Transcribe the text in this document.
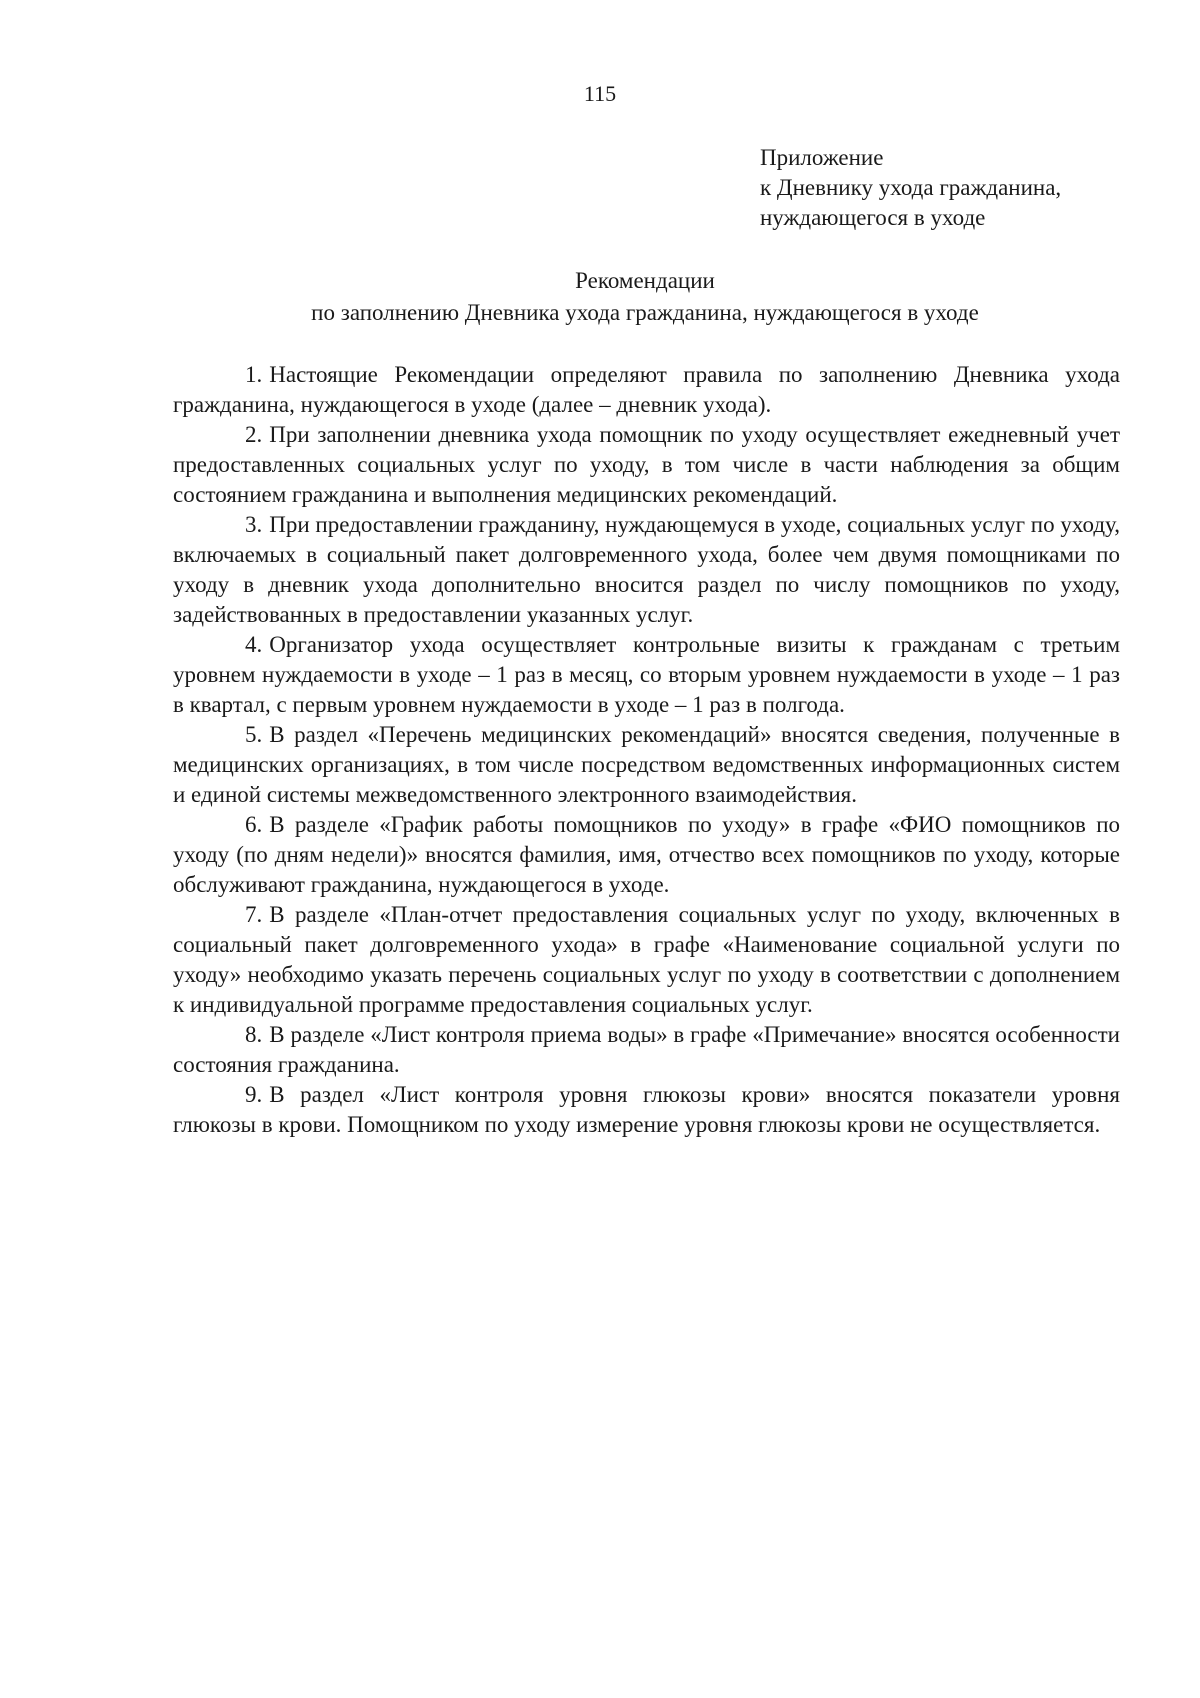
115
Приложение
к Дневнику ухода гражданина,
нуждающегося в уходе
Рекомендации
по заполнению Дневника ухода гражданина, нуждающегося в уходе

1. Настоящие Рекомендации определяют правила по заполнению Дневника ухода гражданина, нуждающегося в уходе (далее – дневник ухода).

2. При заполнении дневника ухода помощник по уходу осуществляет ежедневный учет предоставленных социальных услуг по уходу, в том числе в части наблюдения за общим состоянием гражданина и выполнения медицинских рекомендаций.

3. При предоставлении гражданину, нуждающемуся в уходе, социальных услуг по уходу, включаемых в социальный пакет долговременного ухода, более чем двумя помощниками по уходу в дневник ухода дополнительно вносится раздел по числу помощников по уходу, задействованных в предоставлении указанных услуг.

4. Организатор ухода осуществляет контрольные визиты к гражданам с третьим уровнем нуждаемости в уходе – 1 раз в месяц, со вторым уровнем нуждаемости в уходе – 1 раз в квартал, с первым уровнем нуждаемости в уходе – 1 раз в полгода.

5. В раздел «Перечень медицинских рекомендаций» вносятся сведения, полученные в медицинских организациях, в том числе посредством ведомственных информационных систем и единой системы межведомственного электронного взаимодействия.

6. В разделе «График работы помощников по уходу» в графе «ФИО помощников по уходу (по дням недели)» вносятся фамилия, имя, отчество всех помощников по уходу, которые обслуживают гражданина, нуждающегося в уходе.

7. В разделе «План-отчет предоставления социальных услуг по уходу, включенных в социальный пакет долговременного ухода» в графе «Наименование социальной услуги по уходу» необходимо указать перечень социальных услуг по уходу в соответствии с дополнением к индивидуальной программе предоставления социальных услуг.

8. В разделе «Лист контроля приема воды» в графе «Примечание» вносятся особенности состояния гражданина.

9. В раздел «Лист контроля уровня глюкозы крови» вносятся показатели уровня глюкозы в крови. Помощником по уходу измерение уровня глюкозы крови не осуществляется.
